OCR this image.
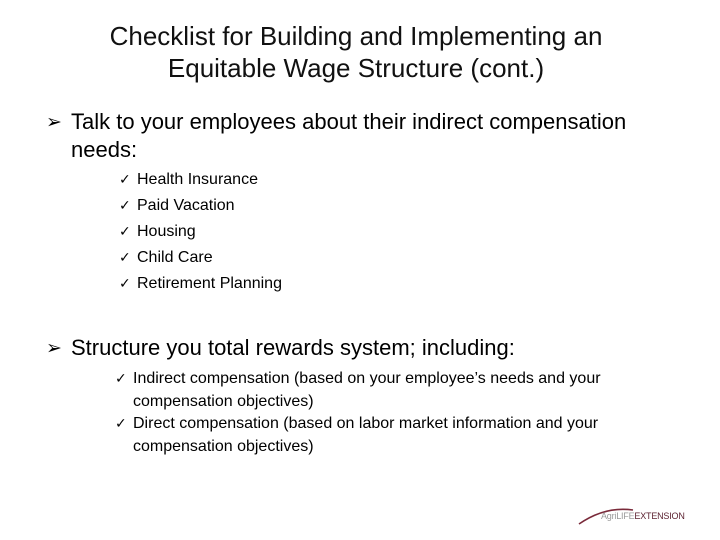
Checklist for Building and Implementing an
Equitable Wage Structure (cont.)
➢ Talk to your employees about their indirect compensation needs:
✓ Health Insurance
✓ Paid Vacation
✓ Housing
✓ Child Care
✓ Retirement Planning
➢ Structure you total rewards system; including:
✓ Indirect compensation (based on your employee’s needs and your compensation objectives)
✓ Direct compensation (based on labor market information and your compensation objectives)
AgriLIFEEXTENSION
